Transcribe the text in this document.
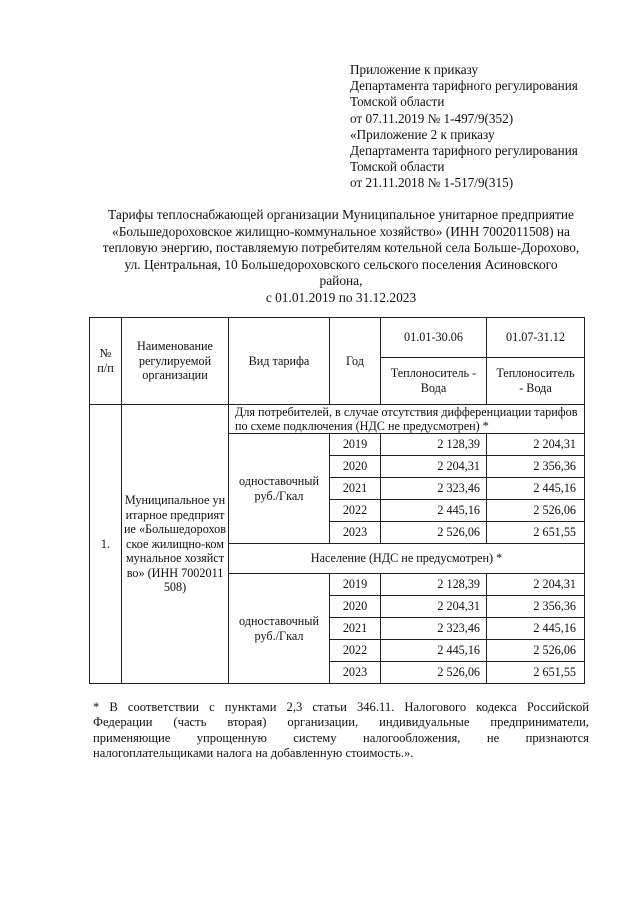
Приложение к приказу
Департамента тарифного регулирования
Томской области
от 07.11.2019 № 1-497/9(352)
«Приложение 2 к приказу
Департамента тарифного регулирования
Томской области
от 21.11.2018 № 1-517/9(315)
Тарифы теплоснабжающей организации Муниципальное унитарное предприятие
«Большедороховское жилищно-коммунальное хозяйство» (ИНН 7002011508) на
тепловую энергию, поставляемую потребителям котельной села Больше-Дорохово,
ул. Центральная, 10 Большедороховского сельского поселения Асиновского
района,
с 01.01.2019 по 31.12.2023
№ п/п	Наименование регулируемой организации	Вид тарифа	Год	01.01-30.06	01.07-31.12
				Теплоноситель - Вода	Теплоноситель - Вода
1.	Муниципальное унитарное предприятие «Большедороховское жилищно-коммунальное хозяйство» (ИНН 7002011508)	Для потребителей, в случае отсутствия дифференциации тарифов по схеме подключения (НДС не предусмотрен) *			
		одноставочный руб./Гкал	2019	2 128,39	2 204,31
			2020	2 204,31	2 356,36
			2021	2 323,46	2 445,16
			2022	2 445,16	2 526,06
			2023	2 526,06	2 651,55
		Население (НДС не предусмотрен) *			
		одноставочный руб./Гкал	2019	2 128,39	2 204,31
			2020	2 204,31	2 356,36
			2021	2 323,46	2 445,16
			2022	2 445,16	2 526,06
			2023	2 526,06	2 651,55
* В соответствии с пунктами 2,3 статьи 346.11. Налогового кодекса Российской
Федерации (часть вторая) организации, индивидуальные предприниматели,
применяющие упрощенную систему налогообложения, не признаются
налогоплательщиками налога на добавленную стоимость.».
